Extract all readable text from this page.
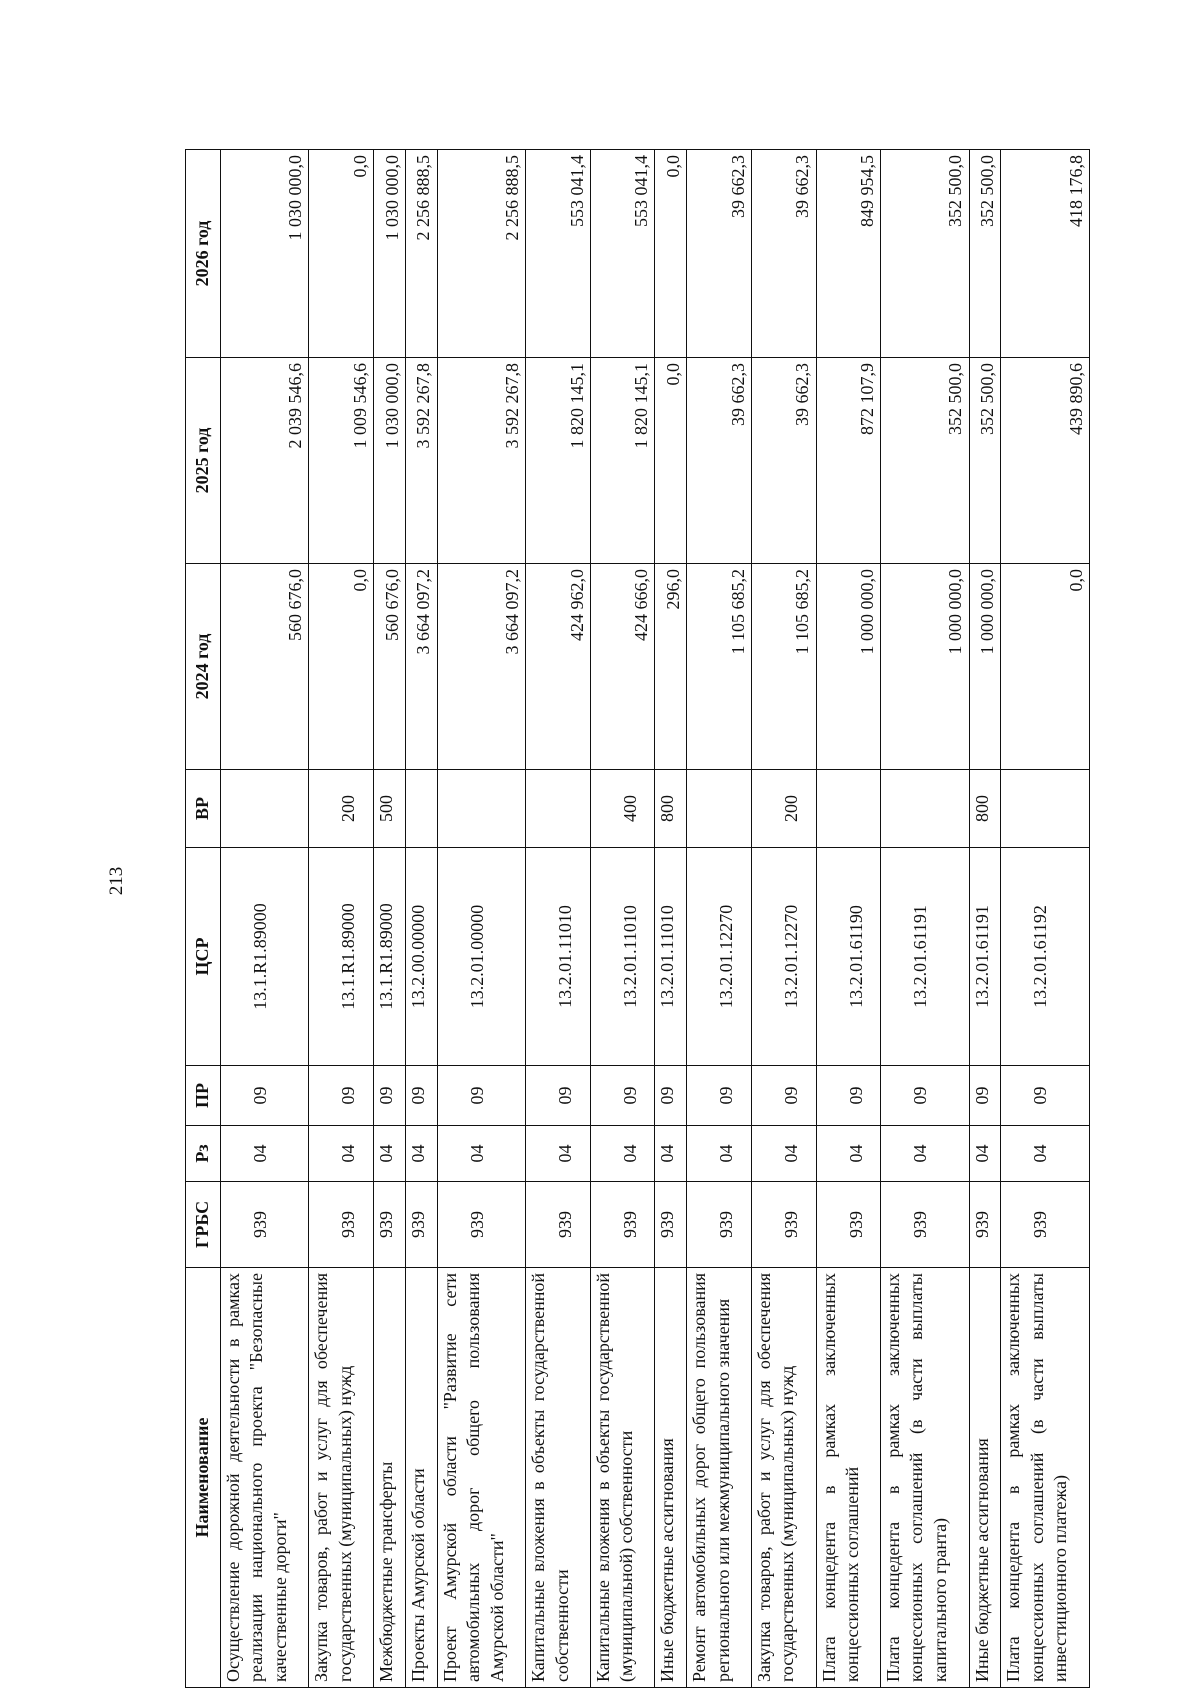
213
Наименование	ГРБС	Рз	ПР	ЦСР	ВР	2024 год	2025 год	2026 год
Осуществление дорожной деятельности в рамках реализации национального проекта "Безопасные качественные дороги"	939	04	09	13.1.R1.89000		560 676,0	2 039 546,6	1 030 000,0
Закупка товаров, работ и услуг для обеспечения государственных (муниципальных) нужд	939	04	09	13.1.R1.89000	200	0,0	1 009 546,6	0,0
Межбюджетные трансферты	939	04	09	13.1.R1.89000	500	560 676,0	1 030 000,0	1 030 000,0
Проекты Амурской области	939	04	09	13.2.00.00000		3 664 097,2	3 592 267,8	2 256 888,5
Проект Амурской области "Развитие сети автомобильных дорог общего пользования Амурской области"	939	04	09	13.2.01.00000		3 664 097,2	3 592 267,8	2 256 888,5
Капитальные вложения в объекты государственной собственности	939	04	09	13.2.01.11010		424 962,0	1 820 145,1	553 041,4
Капитальные вложения в объекты государственной (муниципальной) собственности	939	04	09	13.2.01.11010	400	424 666,0	1 820 145,1	553 041,4
Иные бюджетные ассигнования	939	04	09	13.2.01.11010	800	296,0	0,0	0,0
Ремонт автомобильных дорог общего пользования регионального или межмуниципального значения	939	04	09	13.2.01.12270		1 105 685,2	39 662,3	39 662,3
Закупка товаров, работ и услуг для обеспечения государственных (муниципальных) нужд	939	04	09	13.2.01.12270	200	1 105 685,2	39 662,3	39 662,3
Плата концедента в рамках заключенных концессионных соглашений	939	04	09	13.2.01.61190		1 000 000,0	872 107,9	849 954,5
Плата концедента в рамках заключенных концессионных соглашений (в части выплаты капитального гранта)	939	04	09	13.2.01.61191		1 000 000,0	352 500,0	352 500,0
Иные бюджетные ассигнования	939	04	09	13.2.01.61191	800	1 000 000,0	352 500,0	352 500,0
Плата концедента в рамках заключенных концессионных соглашений (в части выплаты инвестиционного платежа)	939	04	09	13.2.01.61192		0,0	439 890,6	418 176,8
